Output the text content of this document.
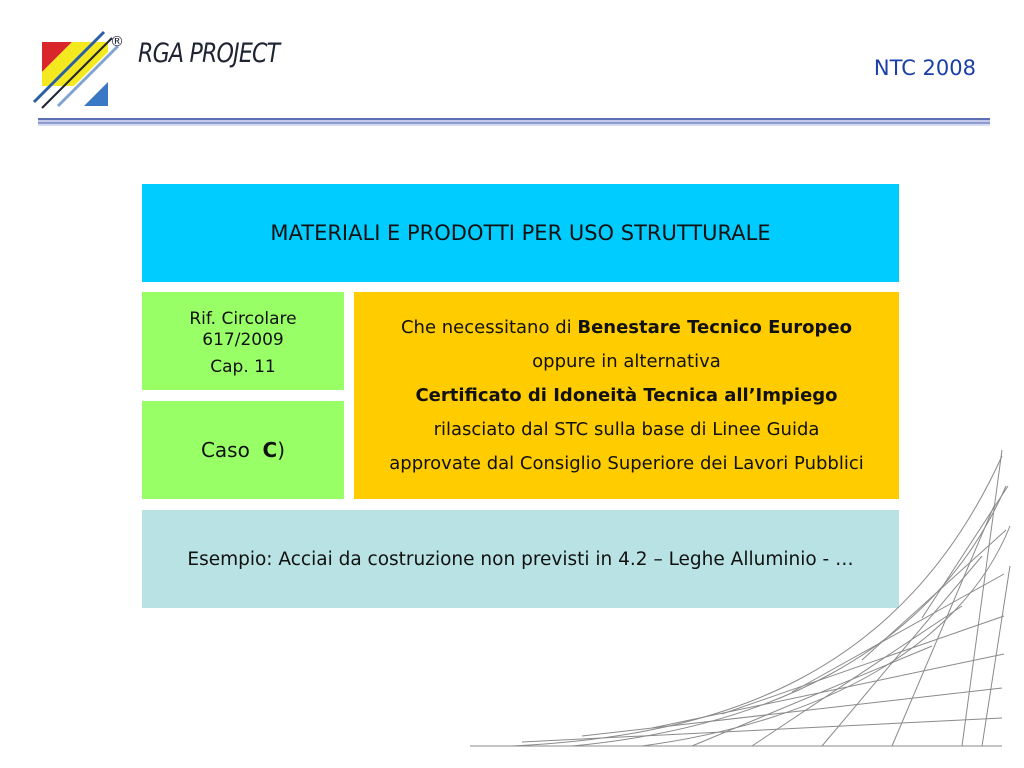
® RGA PROJECT	NTC 2008
MATERIALI E PRODOTTI PER USO STRUTTURALE
Rif. Circolare
617/2009
Cap. 11
Caso C)
Che necessitano di Benestare Tecnico Europeo
oppure in alternativa
Certificato di Idoneità Tecnica all’Impiego
rilasciato dal STC sulla base di Linee Guida
approvate dal Consiglio Superiore dei Lavori Pubblici
Esempio: Acciai da costruzione non previsti in 4.2 – Leghe Alluminio - …
